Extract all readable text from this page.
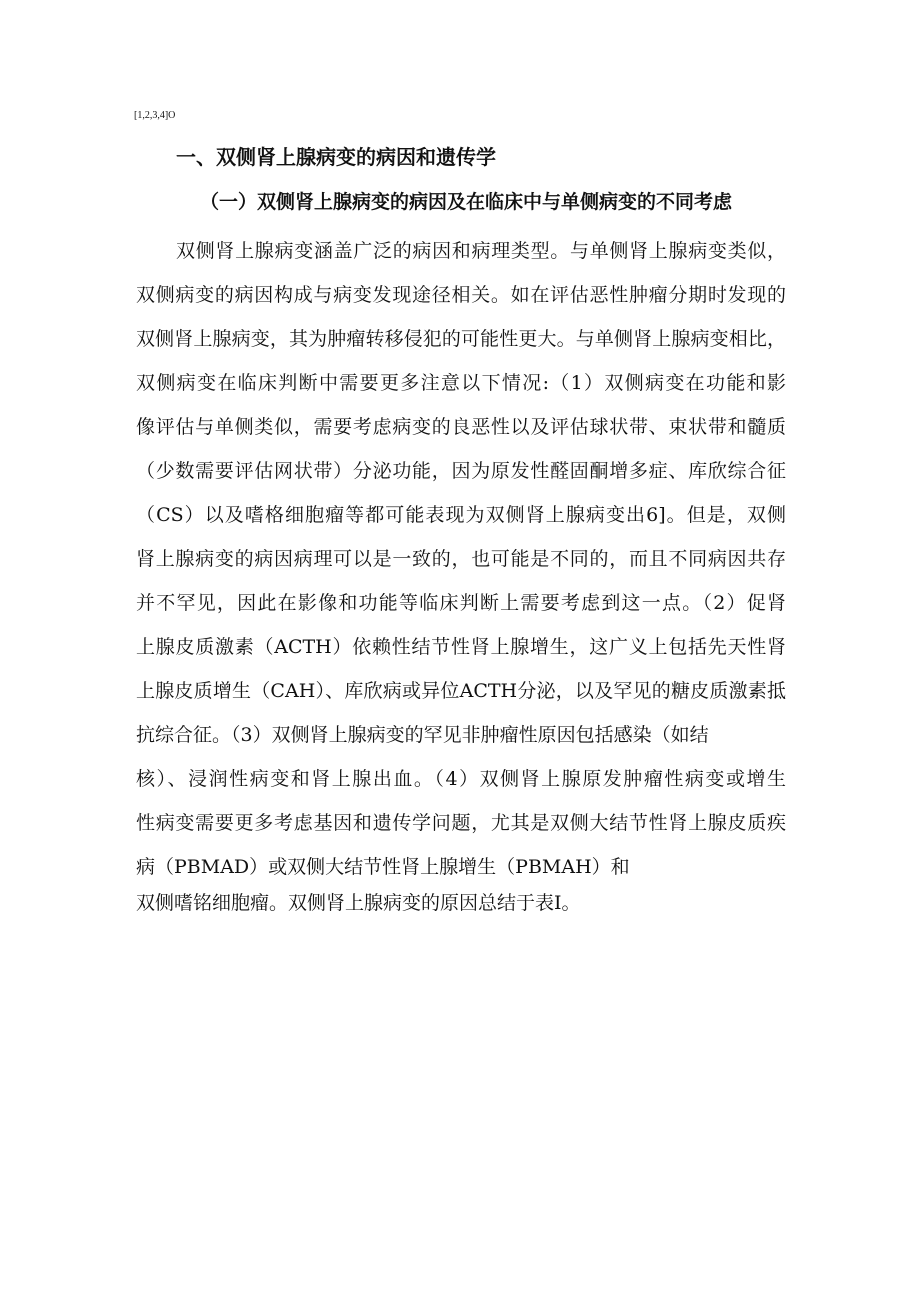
[1,2,3,4]O
一、双侧肾上腺病变的病因和遗传学
（一）双侧肾上腺病变的病因及在临床中与单侧病变的不同考虑
双侧肾上腺病变涵盖广泛的病因和病理类型。与单侧肾上腺病变类似，
双侧病变的病因构成与病变发现途径相关。如在评估恶性肿瘤分期时发现的
双侧肾上腺病变，其为肿瘤转移侵犯的可能性更大。与单侧肾上腺病变相比，
双侧病变在临床判断中需要更多注意以下情况:（1）双侧病变在功能和影
像评估与单侧类似，需要考虑病变的良恶性以及评估球状带、束状带和髓质
（少数需要评估网状带）分泌功能，因为原发性醛固酮增多症、库欣综合征
（CS）以及嗜格细胞瘤等都可能表现为双侧肾上腺病变出6]。但是，双侧
肾上腺病变的病因病理可以是一致的，也可能是不同的，而且不同病因共存
并不罕见，因此在影像和功能等临床判断上需要考虑到这一点。（2）促肾
上腺皮质激素（ACTH）依赖性结节性肾上腺增生，这广义上包括先天性肾
上腺皮质增生（CAH）、库欣病或异位ACTH分泌，以及罕见的糖皮质激素抵
抗综合征。（3）双侧肾上腺病变的罕见非肿瘤性原因包括感染（如结
核）、浸润性病变和肾上腺出血。（4）双侧肾上腺原发肿瘤性病变或增生
性病变需要更多考虑基因和遗传学问题，尤其是双侧大结节性肾上腺皮质疾
病（PBMAD）或双侧大结节性肾上腺增生（PBMAH）和
双侧嗜铭细胞瘤。双侧肾上腺病变的原因总结于表I。
